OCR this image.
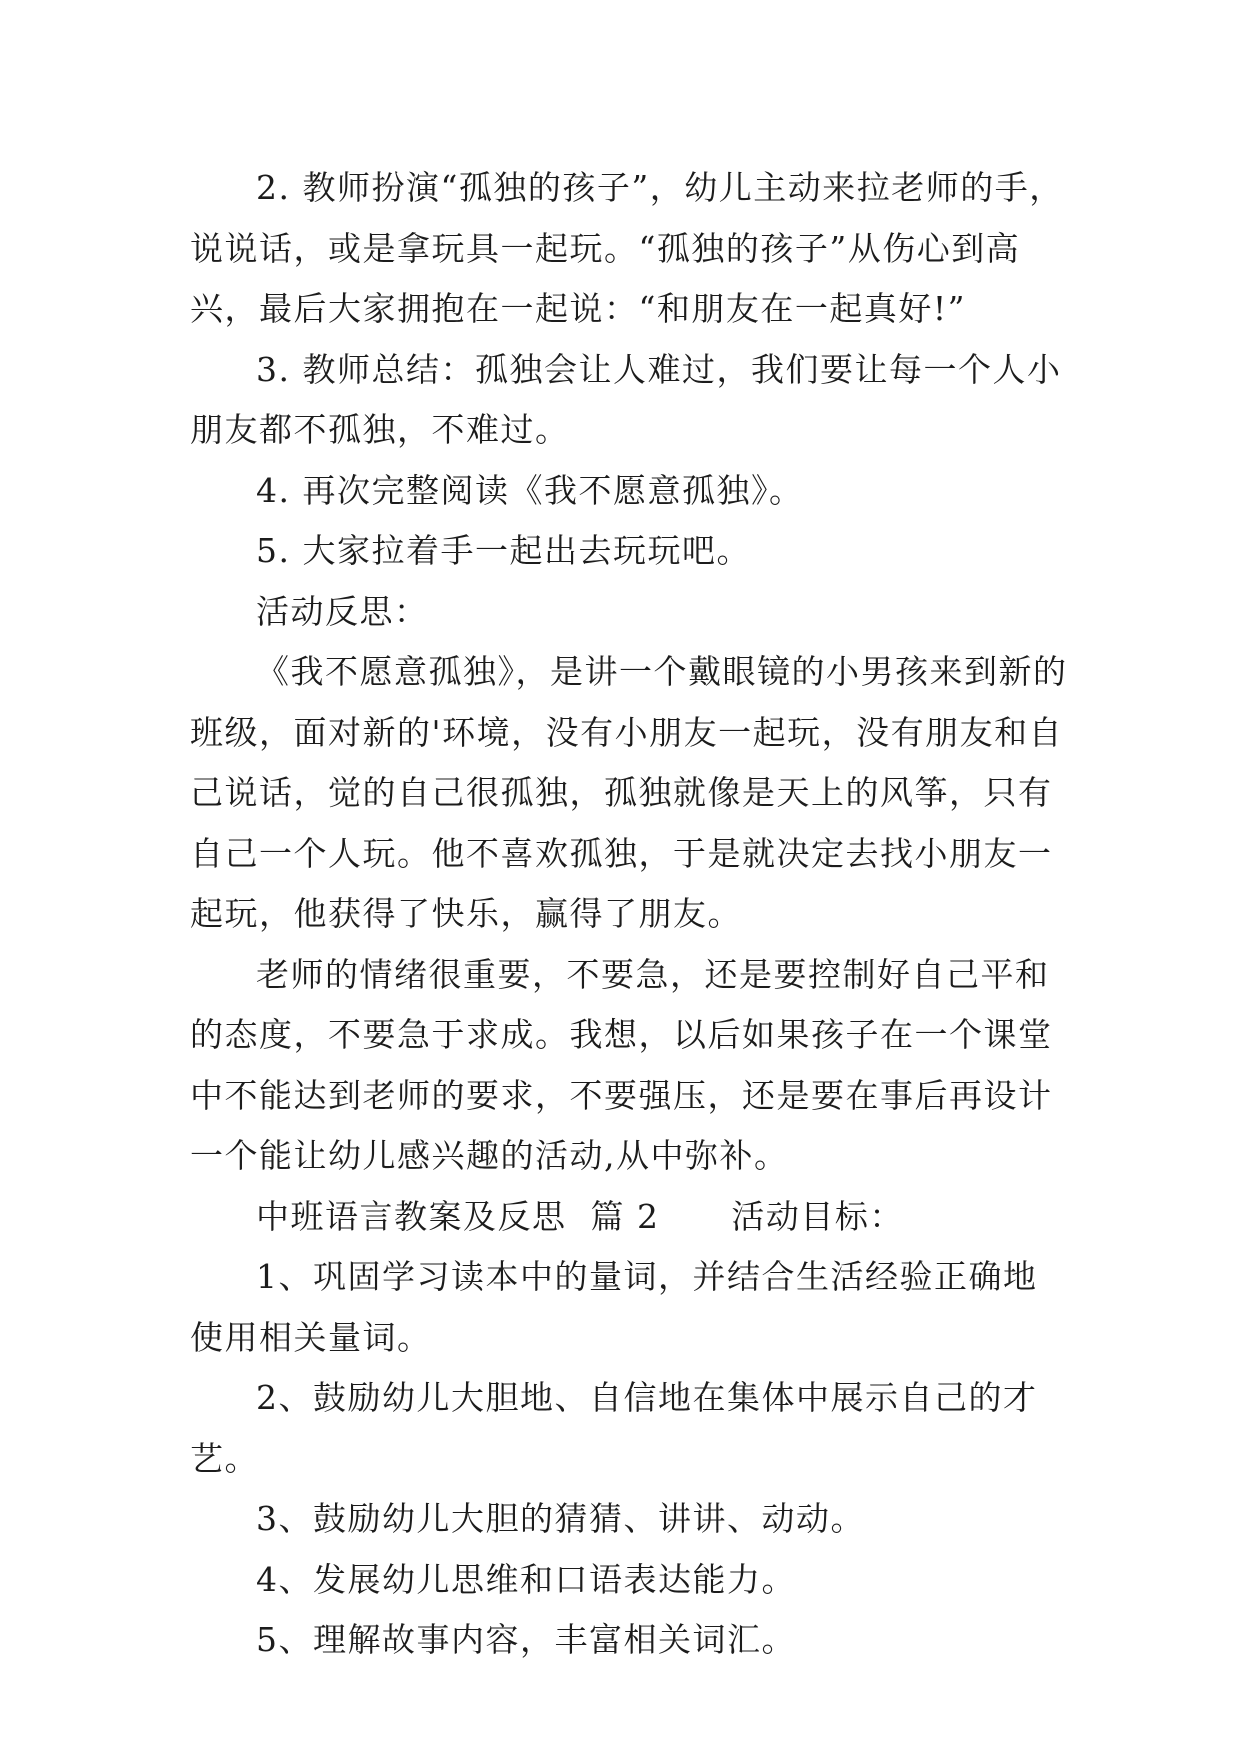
2. 教师扮演“孤独的孩子”，幼儿主动来拉老师的手，说说话，或是拿玩具一起玩。“孤独的孩子”从伤心到高兴，最后大家拥抱在一起说：“和朋友在一起真好!”

3. 教师总结：孤独会让人难过，我们要让每一个人小朋友都不孤独，不难过。

4. 再次完整阅读《我不愿意孤独》。

5. 大家拉着手一起出去玩玩吧。

活动反思：

《我不愿意孤独》，是讲一个戴眼镜的小男孩来到新的班级，面对新的'环境，没有小朋友一起玩，没有朋友和自己说话，觉的自己很孤独，孤独就像是天上的风筝，只有自己一个人玩。他不喜欢孤独，于是就决定去找小朋友一起玩，他获得了快乐，赢得了朋友。

老师的情绪很重要，不要急，还是要控制好自己平和的态度，不要急于求成。我想，以后如果孩子在一个课堂中不能达到老师的要求，不要强压，还是要在事后再设计一个能让幼儿感兴趣的活动,从中弥补。

中班语言教案及反思  篇 2      活动目标：

1、巩固学习读本中的量词，并结合生活经验正确地使用相关量词。

2、鼓励幼儿大胆地、自信地在集体中展示自己的才艺。

3、鼓励幼儿大胆的猜猜、讲讲、动动。

4、发展幼儿思维和口语表达能力。

5、理解故事内容，丰富相关词汇。
